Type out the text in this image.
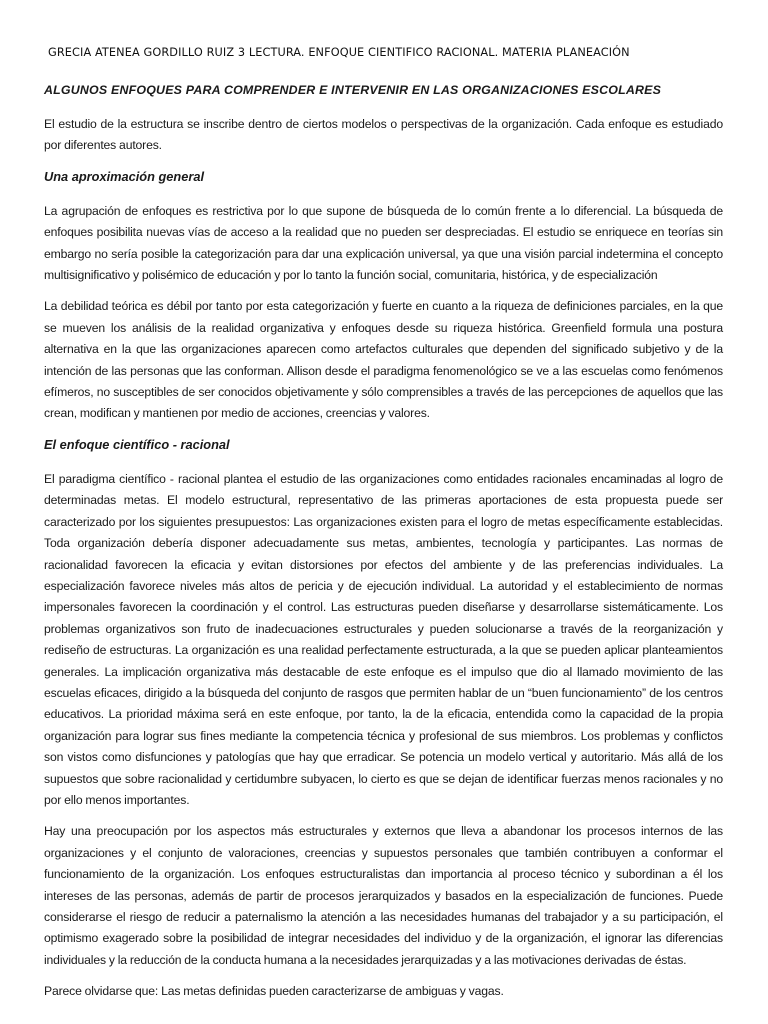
GRECIA ATENEA GORDILLO RUIZ 3 LECTURA. ENFOQUE CIENTIFICO RACIONAL. MATERIA PLANEACIÓN
ALGUNOS ENFOQUES PARA COMPRENDER E INTERVENIR EN LAS ORGANIZACIONES ESCOLARES

El estudio de la estructura se inscribe dentro de ciertos modelos o perspectivas de la organización. Cada enfoque es estudiado por diferentes autores.

Una aproximación general

La agrupación de enfoques es restrictiva por lo que supone de búsqueda de lo común frente a lo diferencial. La búsqueda de enfoques posibilita nuevas vías de acceso a la realidad que no pueden ser despreciadas. El estudio se enriquece en teorías sin embargo no sería posible la categorización para dar una explicación universal, ya que una visión parcial indetermina el concepto multisignificativo y polisémico de educación y por lo tanto la función social, comunitaria, histórica, y de especialización

La debilidad teórica es débil por tanto por esta categorización y fuerte en cuanto a la riqueza de definiciones parciales, en la que se mueven los análisis de la realidad organizativa y enfoques desde su riqueza histórica. Greenfield formula una postura alternativa en la que las organizaciones aparecen como artefactos culturales que dependen del significado subjetivo y de la intención de las personas que las conforman. Allison desde el paradigma fenomenológico se ve a las escuelas como fenómenos efímeros, no susceptibles de ser conocidos objetivamente y sólo comprensibles a través de las percepciones de aquellos que las crean, modifican y mantienen por medio de acciones, creencias y valores.

El enfoque científico - racional

El paradigma científico - racional plantea el estudio de las organizaciones como entidades racionales encaminadas al logro de determinadas metas. El modelo estructural, representativo de las primeras aportaciones de esta propuesta puede ser caracterizado por los siguientes presupuestos: Las organizaciones existen para el logro de metas específicamente establecidas. Toda organización debería disponer adecuadamente sus metas, ambientes, tecnología y participantes. Las normas de racionalidad favorecen la eficacia y evitan distorsiones por efectos del ambiente y de las preferencias individuales. La especialización favorece niveles más altos de pericia y de ejecución individual. La autoridad y el establecimiento de normas impersonales favorecen la coordinación y el control. Las estructuras pueden diseñarse y desarrollarse sistemáticamente. Los problemas organizativos son fruto de inadecuaciones estructurales y pueden solucionarse a través de la reorganización y rediseño de estructuras. La organización es una realidad perfectamente estructurada, a la que se pueden aplicar planteamientos generales. La implicación organizativa más destacable de este enfoque es el impulso que dio al llamado movimiento de las escuelas eficaces, dirigido a la búsqueda del conjunto de rasgos que permiten hablar de un “buen funcionamiento” de los centros educativos. La prioridad máxima será en este enfoque, por tanto, la de la eficacia, entendida como la capacidad de la propia organización para lograr sus fines mediante la competencia técnica y profesional de sus miembros. Los problemas y conflictos son vistos como disfunciones y patologías que hay que erradicar. Se potencia un modelo vertical y autoritario. Más allá de los supuestos que sobre racionalidad y certidumbre subyacen, lo cierto es que se dejan de identificar fuerzas menos racionales y no por ello menos importantes.

Hay una preocupación por los aspectos más estructurales y externos que lleva a abandonar los procesos internos de las organizaciones y el conjunto de valoraciones, creencias y supuestos personales que también contribuyen a conformar el funcionamiento de la organización. Los enfoques estructuralistas dan importancia al proceso técnico y subordinan a él los intereses de las personas, además de partir de procesos jerarquizados y basados en la especialización de funciones. Puede considerarse el riesgo de reducir a paternalismo la atención a las necesidades humanas del trabajador y a su participación, el optimismo exagerado sobre la posibilidad de integrar necesidades del individuo y de la organización, el ignorar las diferencias individuales y la reducción de la conducta humana a la necesidades jerarquizadas y a las motivaciones derivadas de éstas.

Parece olvidarse que: Las metas definidas pueden caracterizarse de ambiguas y vagas.
